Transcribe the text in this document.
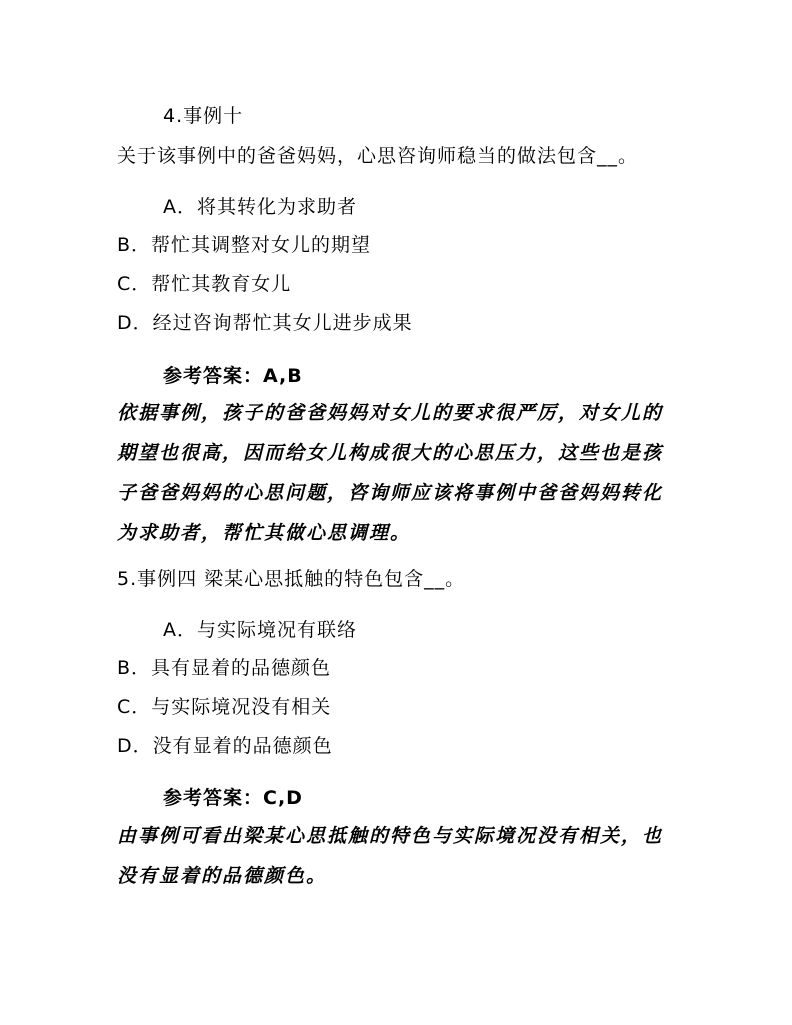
4.事例十
关于该事例中的爸爸妈妈，心思咨询师稳当的做法包含__。
A．将其转化为求助者
B．帮忙其调整对女儿的期望
C．帮忙其教育女儿
D．经过咨询帮忙其女儿进步成果
参考答案：A,B
依据事例，孩子的爸爸妈妈对女儿的要求很严厉，对女儿的期望也很高，因而给女儿构成很大的心思压力，这些也是孩子爸爸妈妈的心思问题，咨询师应该将事例中爸爸妈妈转化为求助者，帮忙其做心思调理。
5.事例四 梁某心思抵触的特色包含__。
A．与实际境况有联络
B．具有显着的品德颜色
C．与实际境况没有相关
D．没有显着的品德颜色
参考答案：C,D
由事例可看出梁某心思抵触的特色与实际境况没有相关，也没有显着的品德颜色。
